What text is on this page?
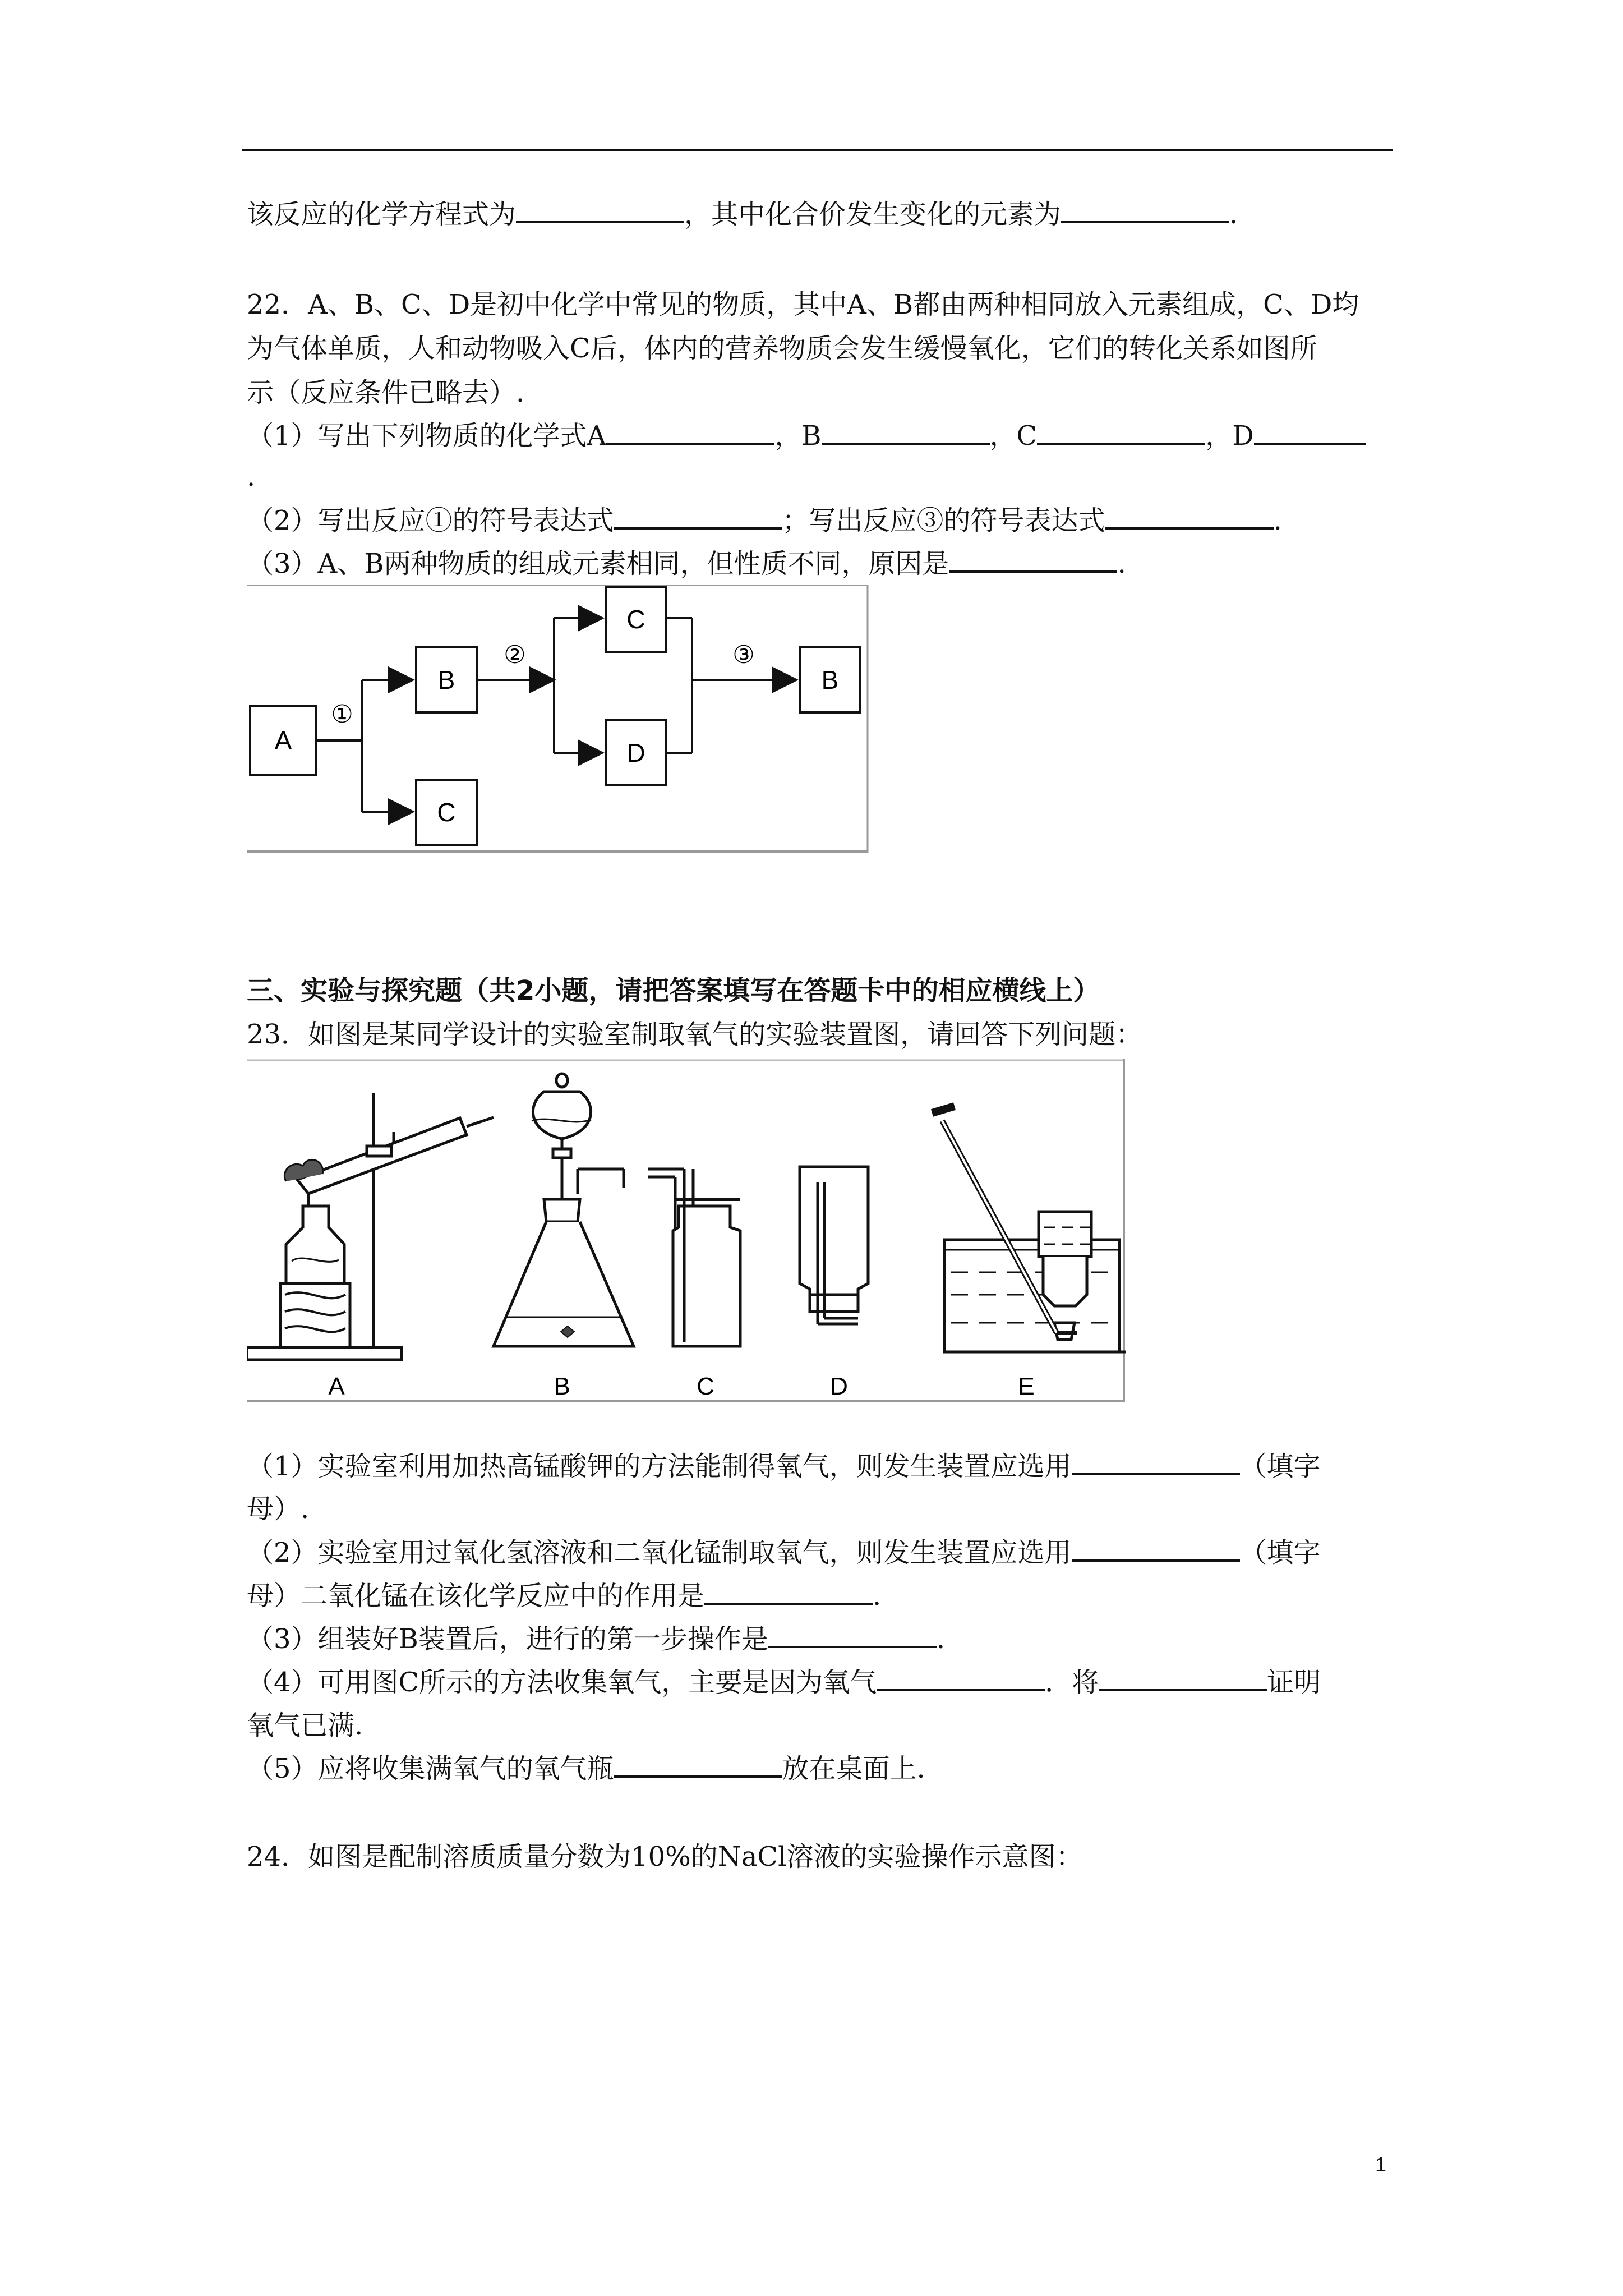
该反应的化学方程式为	，其中化合价发生变化的元素为	.
22．A、B、C、D是初中化学中常见的物质，其中A、B都由两种相同放入元素组成，C、D均
为气体单质，人和动物吸入C后，体内的营养物质会发生缓慢氧化，它们的转化关系如图所
示（反应条件已略去）.
（1）写出下列物质的化学式A	，B	，C	，D
.
（2）写出反应①的符号表达式	；写出反应③的符号表达式	.
（3）A、B两种物质的组成元素相同，但性质不同，原因是	.
A
①
B
C
②
C
D
③
B
三、实验与探究题（共2小题，请把答案填写在答题卡中的相应横线上）
23．如图是某同学设计的实验室制取氧气的实验装置图，请回答下列问题：
A	B	C	D	E
（1）实验室利用加热高锰酸钾的方法能制得氧气，则发生装置应选用	（填字
母）.
（2）实验室用过氧化氢溶液和二氧化锰制取氧气，则发生装置应选用	（填字
母）二氧化锰在该化学反应中的作用是	.
（3）组装好B装置后，进行的第一步操作是	.
（4）可用图C所示的方法收集氧气，主要是因为氧气	．将	证明
氧气已满.
（5）应将收集满氧气的氧气瓶	放在桌面上.
24．如图是配制溶质质量分数为10%的NaCl溶液的实验操作示意图：
1
